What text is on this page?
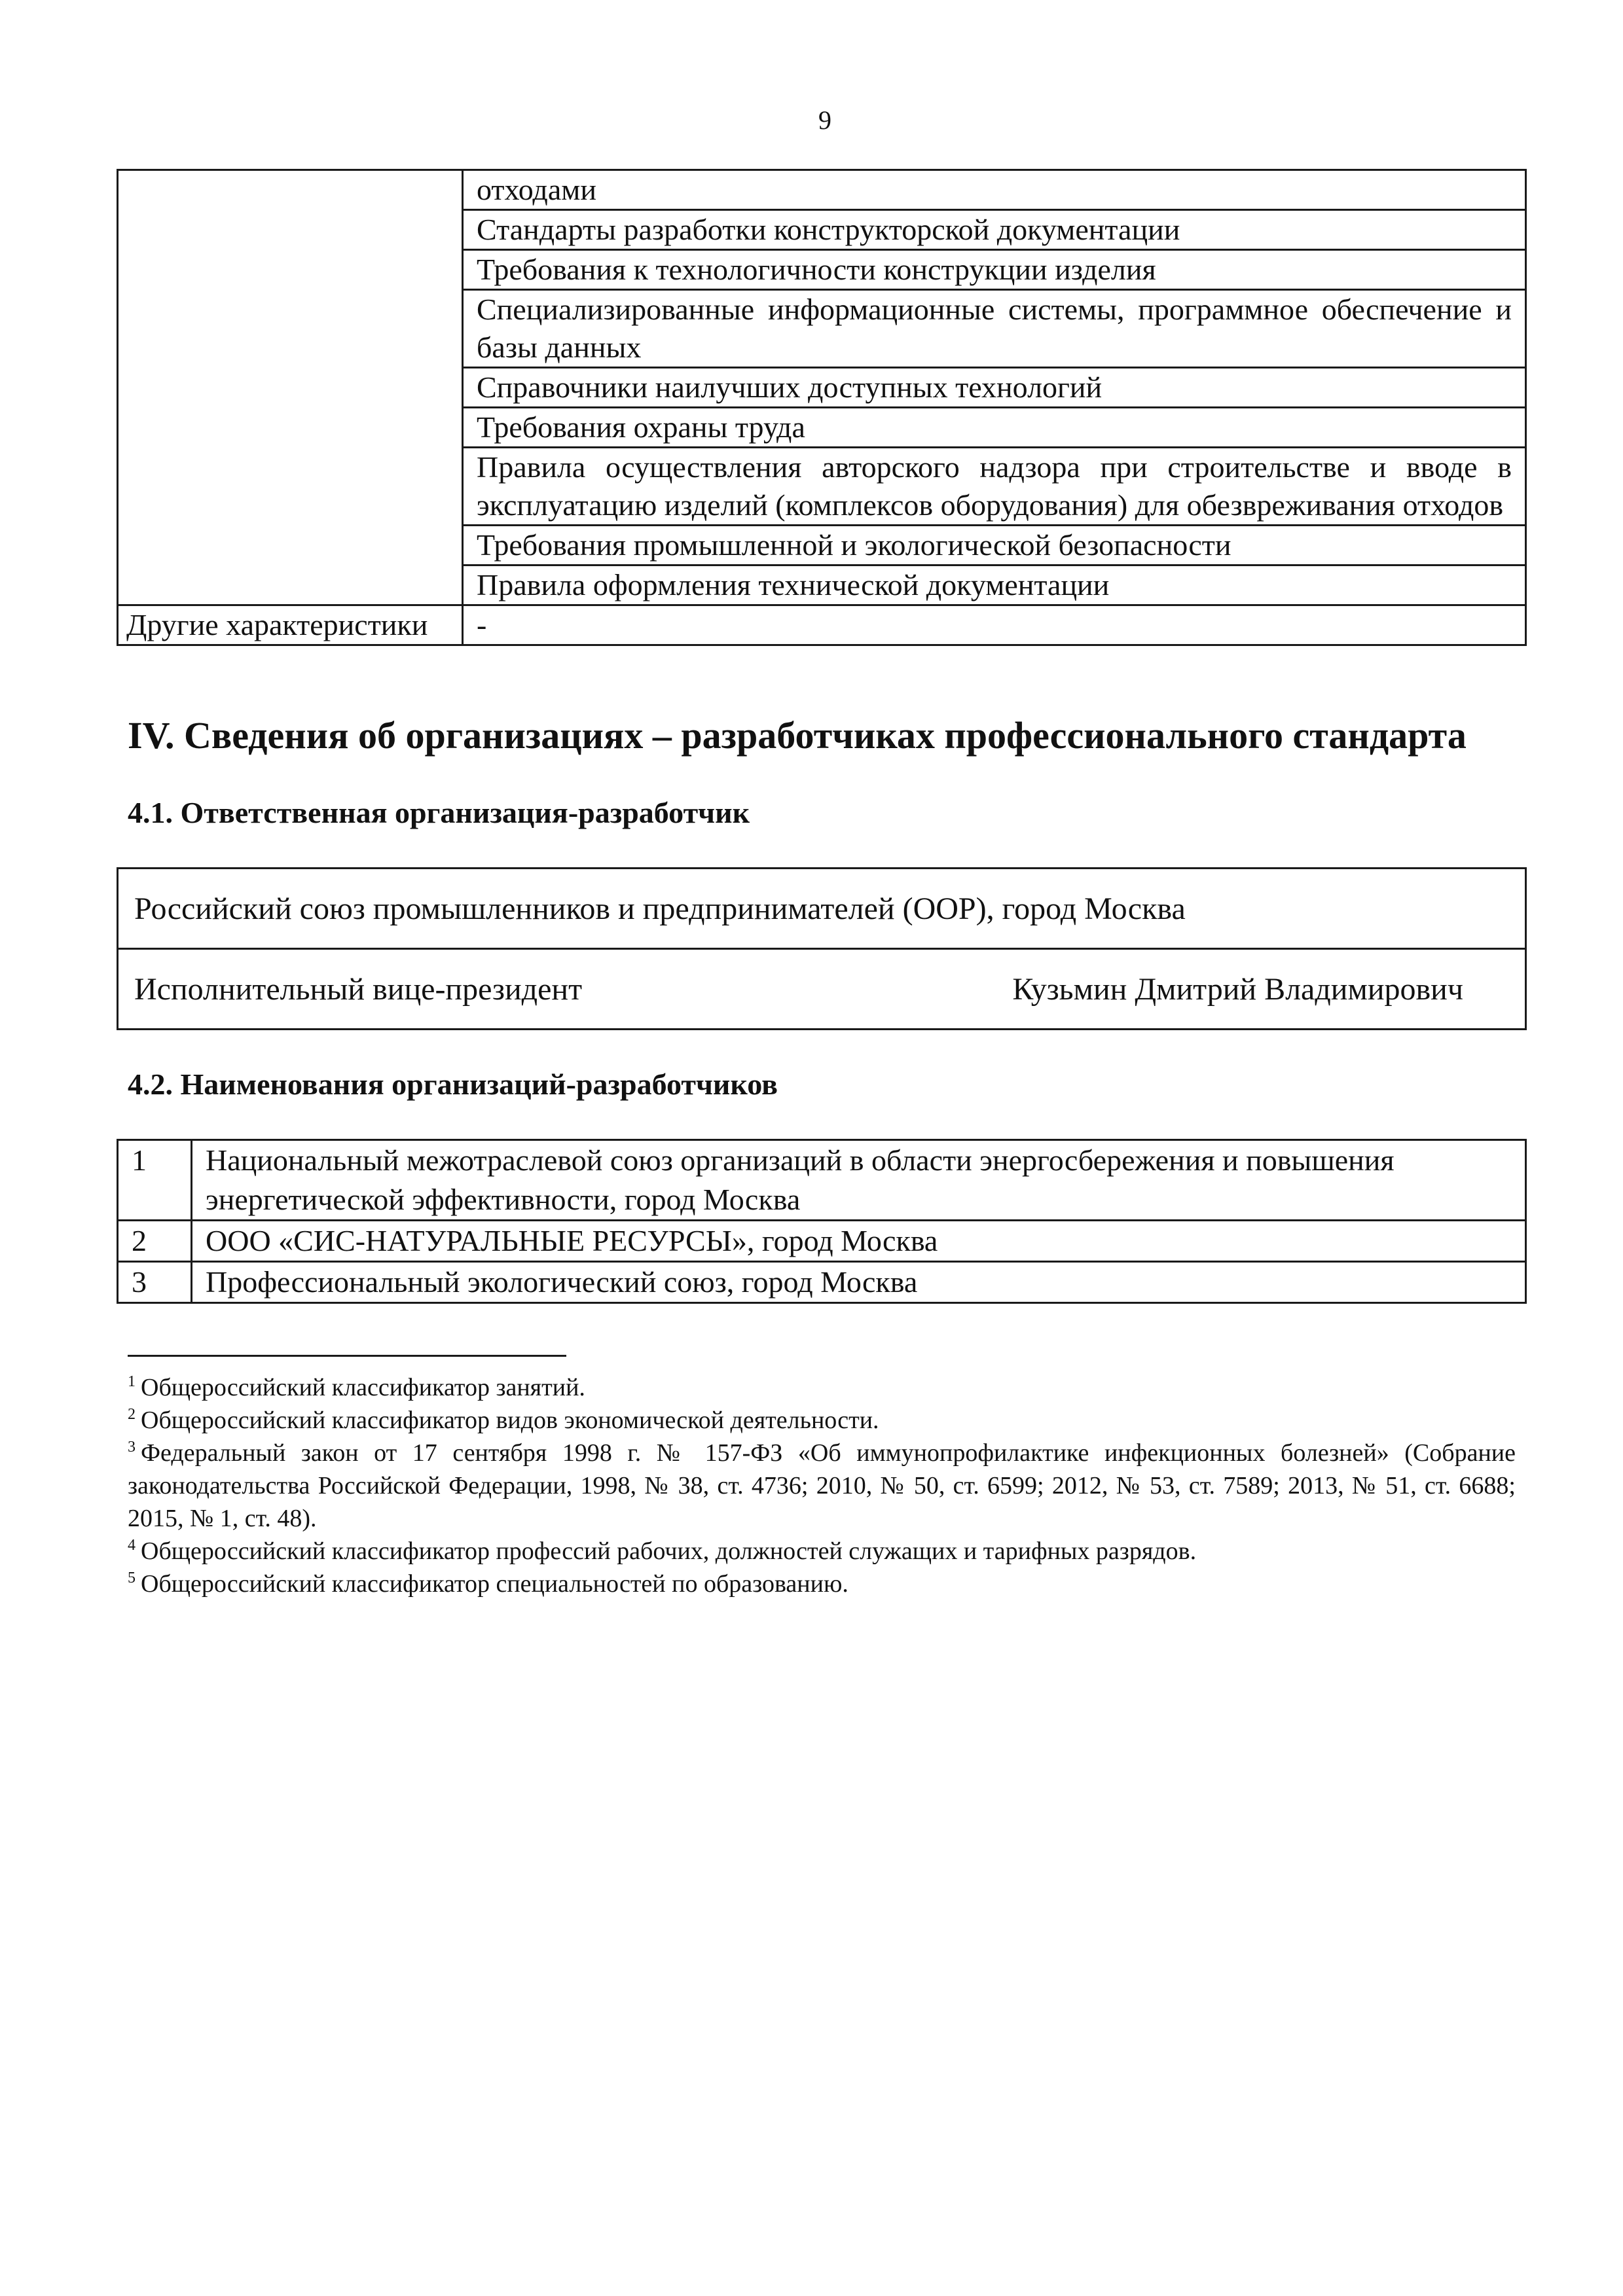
9
	отходами
	Стандарты разработки конструкторской документации
	Требования к технологичности конструкции изделия
	Специализированные информационные системы, программное обеспечение и базы данных
	Справочники наилучших доступных технологий
	Требования охраны труда
	Правила осуществления авторского надзора при строительстве и вводе в эксплуатацию изделий (комплексов оборудования) для обезвреживания отходов
	Требования промышленной и экологической безопасности
	Правила оформления технической документации
Другие характеристики	-
IV. Сведения об организациях – разработчиках профессионального стандарта
4.1. Ответственная организация-разработчик
Российский союз промышленников и предпринимателей (ООР), город Москва

Исполнительный вице-президент	Кузьмин Дмитрий Владимирович
4.2. Наименования организаций-разработчиков
1	Национальный межотраслевой союз организаций в области энергосбережения и повышения энергетической эффективности, город Москва
2	ООО «СИС-НАТУРАЛЬНЫЕ РЕСУРСЫ», город Москва
3	Профессиональный экологический союз, город Москва

$^1$ Общероссийский классификатор занятий.

$^2$ Общероссийский классификатор видов экономической деятельности.

$^3$ Федеральный закон от 17 сентября 1998 г. № 157-ФЗ «Об иммунопрофилактике инфекционных болезней» (Собрание законодательства Российской Федерации, 1998, № 38, ст. 4736; 2010, № 50, ст. 6599; 2012, № 53, ст. 7589; 2013, № 51, ст. 6688; 2015, № 1, ст. 48).

$^4$ Общероссийский классификатор профессий рабочих, должностей служащих и тарифных разрядов.

$^5$ Общероссийский классификатор специальностей по образованию.
